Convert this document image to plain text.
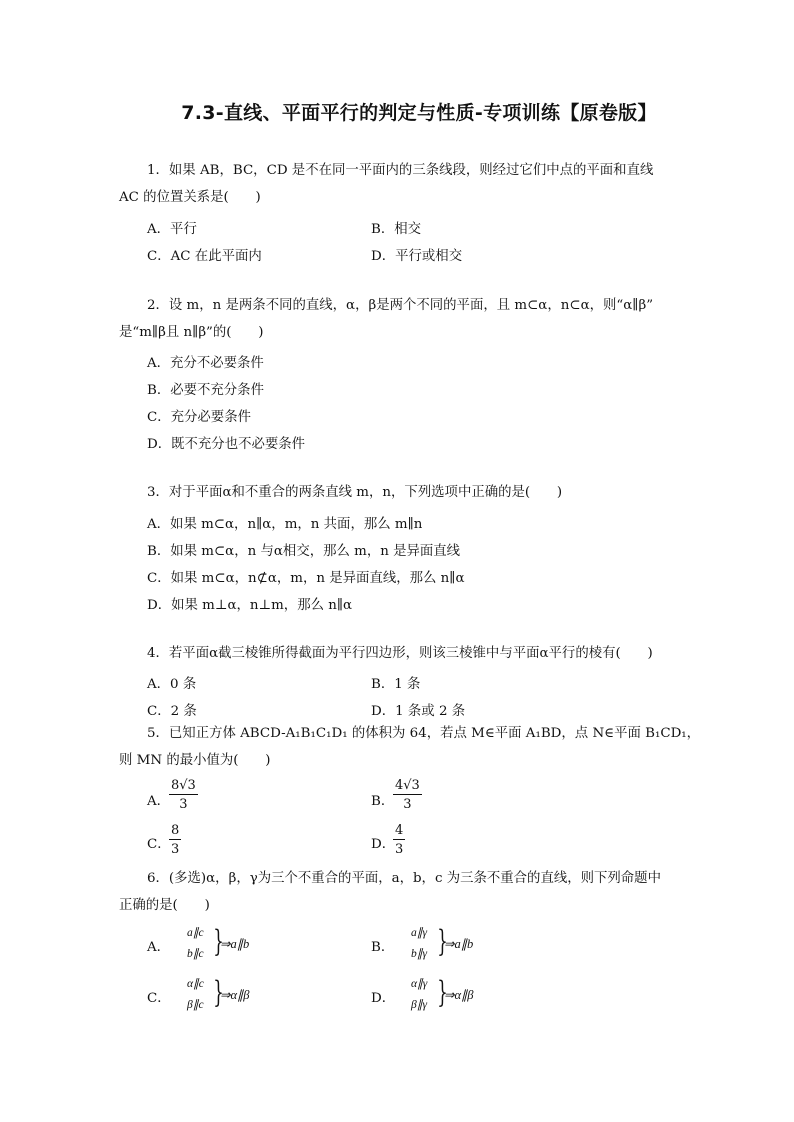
7.3-直线、平面平行的判定与性质-专项训练【原卷版】
1．如果 AB，BC，CD 是不在同一平面内的三条线段，则经过它们中点的平面和直线
AC 的位置关系是(　　)
A．平行	B．相交
C．AC 在此平面内	D．平行或相交
2．设 m，n 是两条不同的直线，α，β是两个不同的平面，且 m⊂α，n⊂α，则“α∥β”
是“m∥β且 n∥β”的(　　)
A．充分不必要条件
B．必要不充分条件
C．充分必要条件
D．既不充分也不必要条件
3．对于平面α和不重合的两条直线 m，n，下列选项中正确的是(　　)
A．如果 m⊂α，n∥α，m，n 共面，那么 m∥n
B．如果 m⊂α，n 与α相交，那么 m，n 是异面直线
C．如果 m⊂α，n⊄α，m，n 是异面直线，那么 n∥α
D．如果 m⊥α，n⊥m，那么 n∥α
4．若平面α截三棱锥所得截面为平行四边形，则该三棱锥中与平面α平行的棱有(　　)
A．0 条	B．1 条
C．2 条	D．1 条或 2 条
5．已知正方体 ABCD-A₁B₁C₁D₁ 的体积为 64，若点 M∈平面 A₁BD，点 N∈平面 B₁CD₁，
则 MN 的最小值为(　　)
A．
$\frac{8√3}{3}$	B．
$\frac{4√3}{3}$
C．
$\frac{8}{3}$	D．
$\frac{4}{3}$
6．(多选)α，β，γ为三个不重合的平面，a，b，c 为三条不重合的直线，则下列命题中
正确的是(　　)
A．
a∥c
b∥c }
⇒a∥b	B．
a∥γ
b∥γ }
⇒a∥b
C．
α∥c
β∥c }
⇒α∥β	D．
α∥γ
β∥γ }
⇒α∥β
